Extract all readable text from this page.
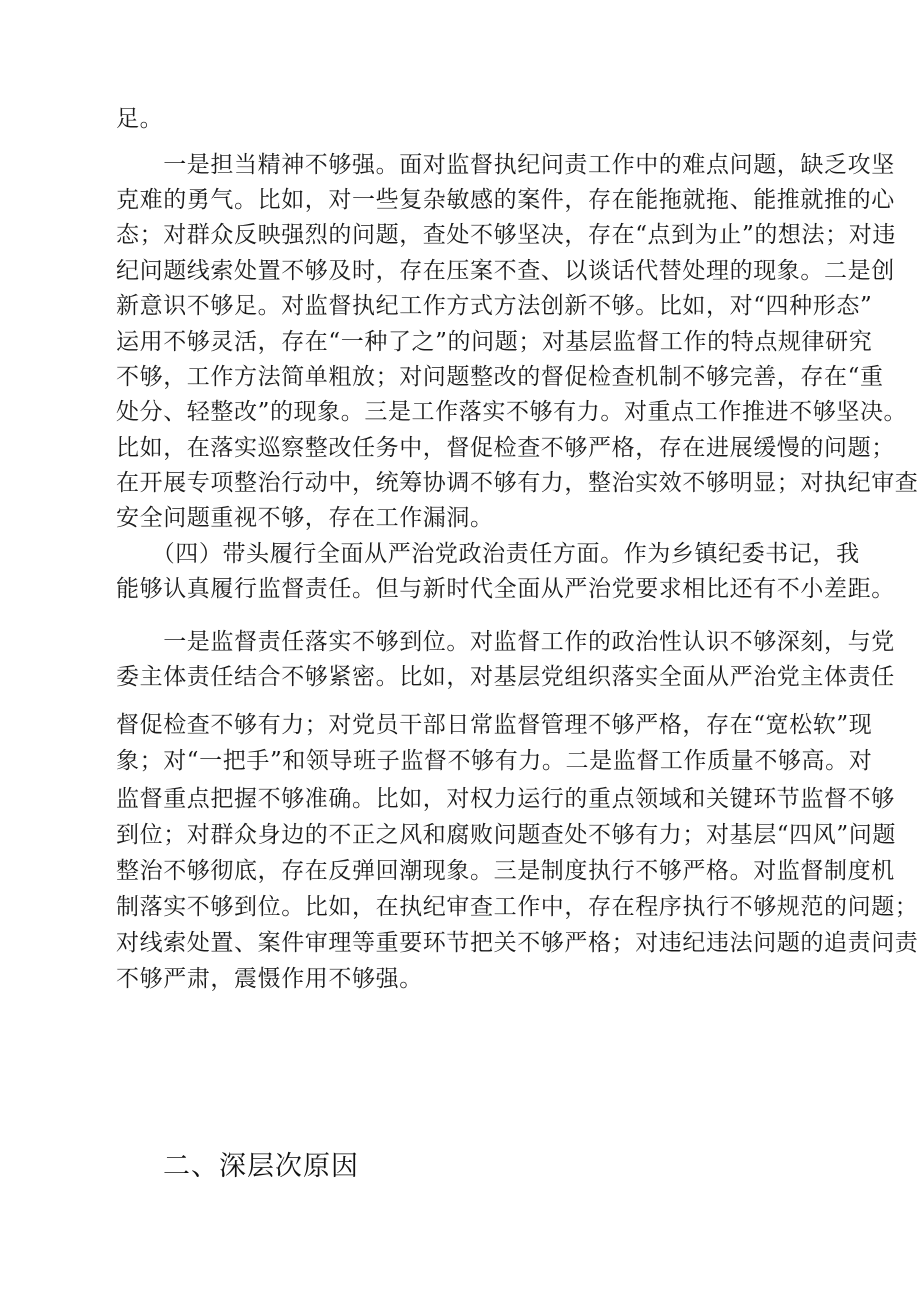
足。
　　一是担当精神不够强。面对监督执纪问责工作中的难点问题，缺乏攻坚
克难的勇气。比如，对一些复杂敏感的案件，存在能拖就拖、能推就推的心
态；对群众反映强烈的问题，查处不够坚决，存在“点到为止”的想法；对违
纪问题线索处置不够及时，存在压案不查、以谈话代替处理的现象。二是创
新意识不够足。对监督执纪工作方式方法创新不够。比如，对“四种形态”
运用不够灵活，存在“一种了之”的问题；对基层监督工作的特点规律研究
不够，工作方法简单粗放；对问题整改的督促检查机制不够完善，存在“重
处分、轻整改”的现象。三是工作落实不够有力。对重点工作推进不够坚决。
比如，在落实巡察整改任务中，督促检查不够严格，存在进展缓慢的问题；
在开展专项整治行动中，统筹协调不够有力，整治实效不够明显；对执纪审查
安全问题重视不够，存在工作漏洞。
　　（四）带头履行全面从严治党政治责任方面。作为乡镇纪委书记，我
能够认真履行监督责任。但与新时代全面从严治党要求相比还有不小差距。
　　一是监督责任落实不够到位。对监督工作的政治性认识不够深刻，与党
委主体责任结合不够紧密。比如，对基层党组织落实全面从严治党主体责任
督促检查不够有力；对党员干部日常监督管理不够严格，存在“宽松软”现
象；对“一把手”和领导班子监督不够有力。二是监督工作质量不够高。对
监督重点把握不够准确。比如，对权力运行的重点领域和关键环节监督不够
到位；对群众身边的不正之风和腐败问题查处不够有力；对基层“四风”问题
整治不够彻底，存在反弹回潮现象。三是制度执行不够严格。对监督制度机
制落实不够到位。比如，在执纪审查工作中，存在程序执行不够规范的问题；
对线索处置、案件审理等重要环节把关不够严格；对违纪违法问题的追责问责
不够严肃，震慑作用不够强。
二、深层次原因
